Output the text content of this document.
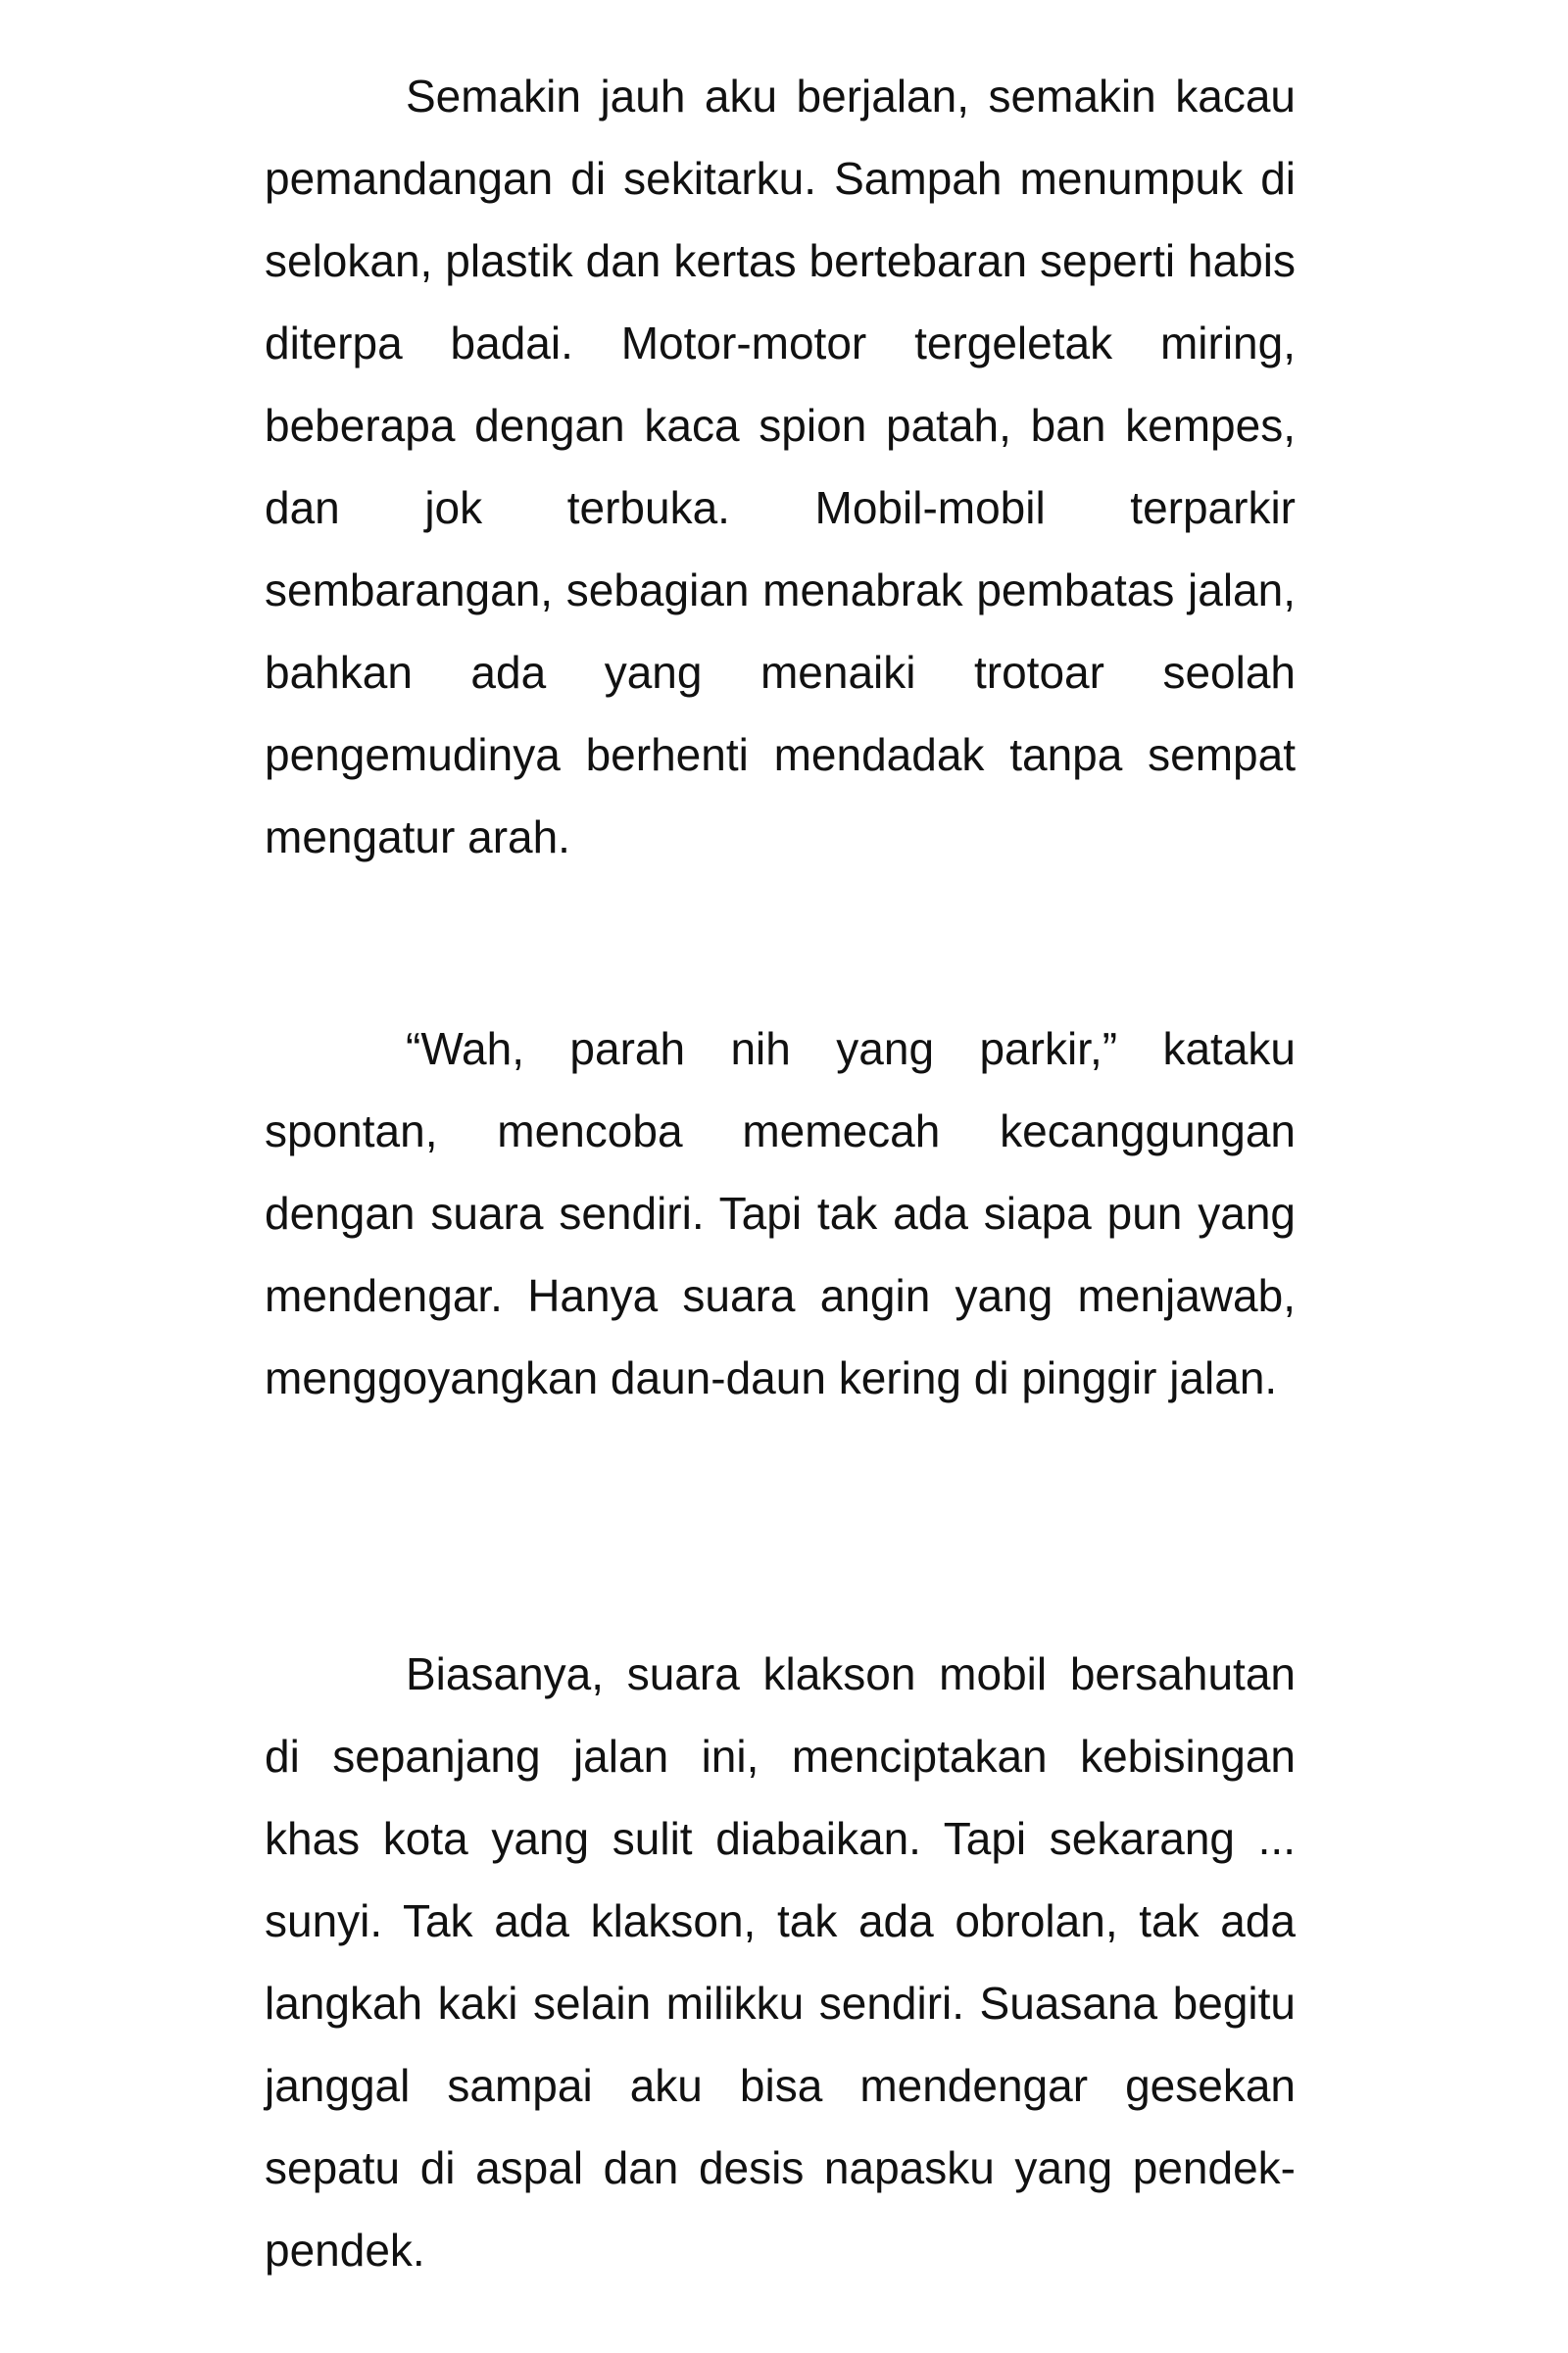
Semakin jauh aku berjalan, semakin kacau pemandangan di sekitarku. Sampah menumpuk di selokan, plastik dan kertas bertebaran seperti habis diterpa badai. Motor-motor tergeletak miring, beberapa dengan kaca spion patah, ban kempes, dan jok terbuka. Mobil-mobil terparkir sembarangan, sebagian menabrak pembatas jalan, bahkan ada yang menaiki trotoar seolah pengemudinya berhenti mendadak tanpa sempat mengatur arah.

“Wah, parah nih yang parkir,” kataku spontan, mencoba memecah kecanggungan dengan suara sendiri. Tapi tak ada siapa pun yang mendengar. Hanya suara angin yang menjawab, menggoyangkan daun-daun kering di pinggir jalan.

Biasanya, suara klakson mobil bersahutan di sepanjang jalan ini, menciptakan kebisingan khas kota yang sulit diabaikan. Tapi sekarang ... sunyi. Tak ada klakson, tak ada obrolan, tak ada langkah kaki selain milikku sendiri. Suasana begitu janggal sampai aku bisa mendengar gesekan sepatu di aspal dan desis napasku yang pendek-pendek.
